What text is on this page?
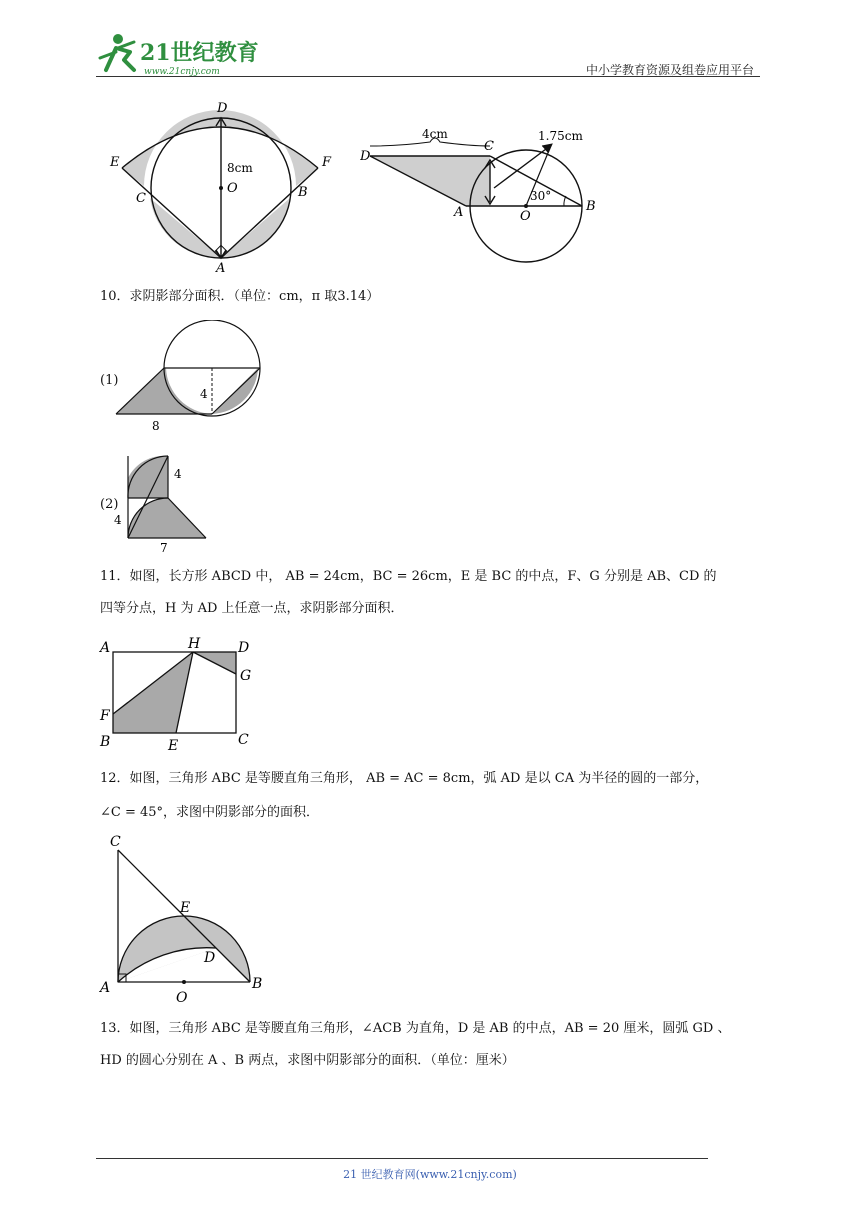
21世纪教育
www.21cnjy.com	中小学教育资源及组卷应用平台
D
E	F
C	B
O
A
8cm
4cm	1.75cm
30°
D
C
A	O
B
10．求阴影部分面积．（单位：cm，π 取3.14）
(1)
4
8
(2)
4
4
7
11．如图，长方形 ABCD 中， AB = 24cm，BC = 26cm，E 是 BC 的中点，F、G 分别是 AB、CD 的
四等分点，H 为 AD 上任意一点，求阴影部分面积．
A	H	D
G
F
B	E	C
12．如图，三角形 ABC 是等腰直角三角形， AB = AC = 8cm，弧 AD 是以 CA 为半径的圆的一部分，
∠C = 45°，求图中阴影部分的面积．
C
E
D
A
O
B
13．如图，三角形 ABC 是等腰直角三角形，∠ACB 为直角，D 是 AB 的中点，AB = 20 厘米，圆弧 GD 、
HD 的圆心分别在 A 、B 两点，求图中阴影部分的面积．（单位：厘米）
21 世纪教育网(www.21cnjy.com)
